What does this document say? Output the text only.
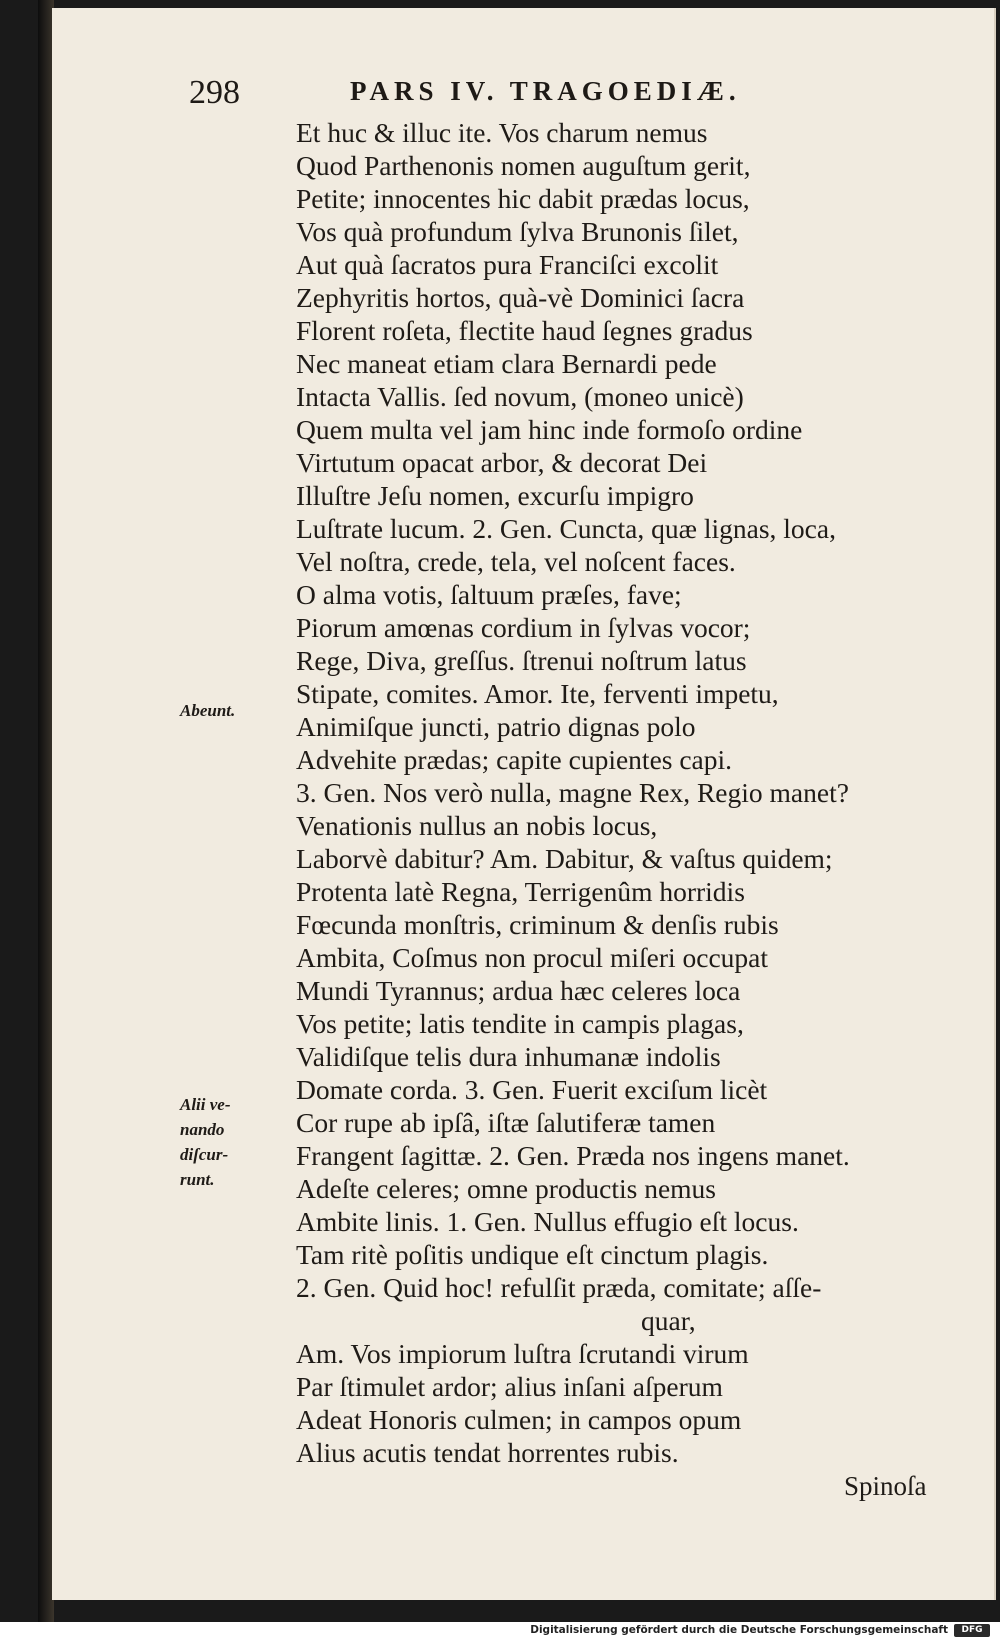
298	PARS IV. TRAGOEDIÆ.
Abeunt.
Alii ve-
nando
diſcur-
runt.
Et huc & illuc ite. Vos charum nemus
Quod Parthenonis nomen auguſtum gerit,
Petite; innocentes hic dabit prædas locus,
Vos quà profundum ſylva Brunonis ſilet,
Aut quà ſacratos pura Franciſci excolit
Zephyritis hortos, quà-vè Dominici ſacra
Florent roſeta, flectite haud ſegnes gradus
Nec maneat etiam clara Bernardi pede
Intacta Vallis. ſed novum, (moneo unicè)
Quem multa vel jam hinc inde formoſo ordine
Virtutum opacat arbor, & decorat Dei
Illuſtre Jeſu nomen, excurſu impigro
Luſtrate lucum. 2. Gen. Cuncta, quæ lignas, loca,
Vel noſtra, crede, tela, vel noſcent faces.
O alma votis, ſaltuum præſes, fave;
Piorum amœnas cordium in ſylvas vocor;
Rege, Diva, greſſus. ſtrenui noſtrum latus
Stipate, comites. Amor. Ite, ferventi impetu,
Animiſque juncti, patrio dignas polo
Advehite prædas; capite cupientes capi.
3. Gen. Nos verò nulla, magne Rex, Regio manet?
Venationis nullus an nobis locus,
Laborvè dabitur? Am. Dabitur, & vaſtus quidem;
Protenta latè Regna, Terrigenûm horridis
Fœcunda monſtris, criminum & denſis rubis
Ambita, Coſmus non procul miſeri occupat
Mundi Tyrannus; ardua hæc celeres loca
Vos petite; latis tendite in campis plagas,
Validiſque telis dura inhumanæ indolis
Domate corda. 3. Gen. Fuerit exciſum licèt
Cor rupe ab ipſâ, iſtæ ſalutiferæ tamen
Frangent ſagittæ. 2. Gen. Præda nos ingens manet.
Adeſte celeres; omne productis nemus
Ambite linis. 1. Gen. Nullus effugio eſt locus.
Tam ritè poſitis undique eſt cinctum plagis.
2. Gen. Quid hoc! refulſit præda, comitate; aſſe-
quar,
Am. Vos impiorum luſtra ſcrutandi virum
Par ſtimulet ardor; alius inſani aſperum
Adeat Honoris culmen; in campos opum
Alius acutis tendat horrentes rubis.
Spinoſa
Digitalisierung gefördert durch die Deutsche Forschungsgemeinschaft	DFG
